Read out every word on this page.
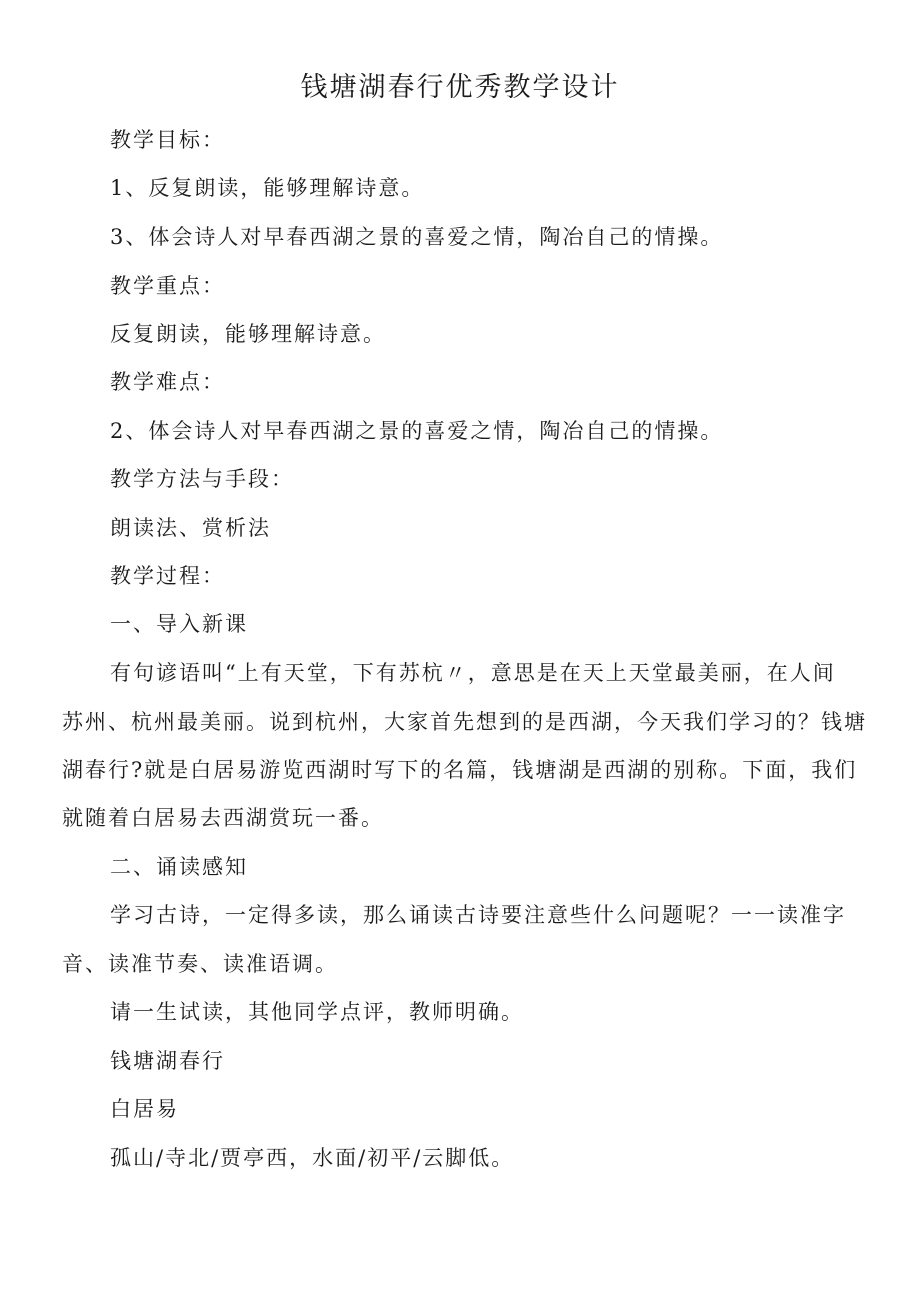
钱塘湖春行优秀教学设计
教学目标：
1、反复朗读，能够理解诗意。
3、体会诗人对早春西湖之景的喜爱之情，陶冶自己的情操。
教学重点：
反复朗读，能够理解诗意。
教学难点：
2、体会诗人对早春西湖之景的喜爱之情，陶冶自己的情操。
教学方法与手段：
朗读法、赏析法
教学过程：
一、导入新课
有句谚语叫“上有天堂，下有苏杭〃，意思是在天上天堂最美丽，在人间
苏州、杭州最美丽。说到杭州，大家首先想到的是西湖，今天我们学习的？钱塘
湖春行?就是白居易游览西湖时写下的名篇，钱塘湖是西湖的别称。下面，我们
就随着白居易去西湖赏玩一番。
二、诵读感知
学习古诗，一定得多读，那么诵读古诗要注意些什么问题呢？一一读准字
音、读准节奏、读准语调。
请一生试读，其他同学点评，教师明确。
钱塘湖春行
白居易
孤山/寺北/贾亭西，水面/初平/云脚低。
